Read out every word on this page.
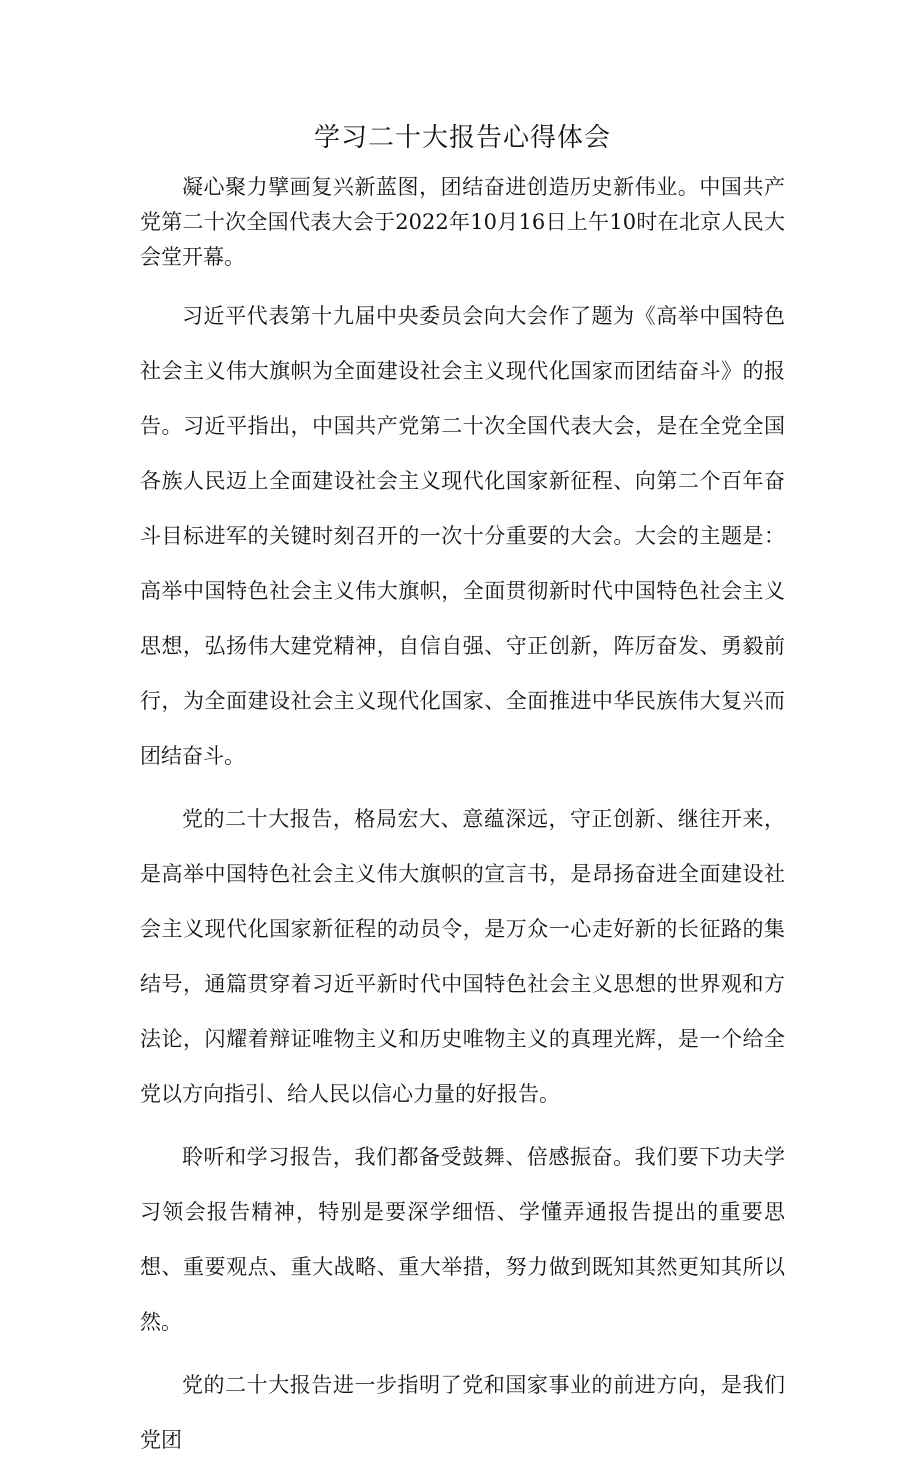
学习二十大报告心得体会

凝心聚力擘画复兴新蓝图，团结奋进创造历史新伟业。中国共产党第二十次全国代表大会于2022年10月16日上午10时在北京人民大会堂开幕。

习近平代表第十九届中央委员会向大会作了题为《高举中国特色社会主义伟大旗帜为全面建设社会主义现代化国家而团结奋斗》的报告。习近平指出，中国共产党第二十次全国代表大会，是在全党全国各族人民迈上全面建设社会主义现代化国家新征程、向第二个百年奋斗目标进军的关键时刻召开的一次十分重要的大会。大会的主题是：高举中国特色社会主义伟大旗帜，全面贯彻新时代中国特色社会主义思想，弘扬伟大建党精神，自信自强、守正创新，阵厉奋发、勇毅前行，为全面建设社会主义现代化国家、全面推进中华民族伟大复兴而团结奋斗。

党的二十大报告，格局宏大、意蕴深远，守正创新、继往开来，是高举中国特色社会主义伟大旗帜的宣言书，是昂扬奋进全面建设社会主义现代化国家新征程的动员令，是万众一心走好新的长征路的集结号，通篇贯穿着习近平新时代中国特色社会主义思想的世界观和方法论，闪耀着辩证唯物主义和历史唯物主义的真理光辉，是一个给全党以方向指引、给人民以信心力量的好报告。

聆听和学习报告，我们都备受鼓舞、倍感振奋。我们要下功夫学习领会报告精神，特别是要深学细悟、学懂弄通报告提出的重要思想、重要观点、重大战略、重大举措，努力做到既知其然更知其所以然。

党的二十大报告进一步指明了党和国家事业的前进方向，是我们党团
